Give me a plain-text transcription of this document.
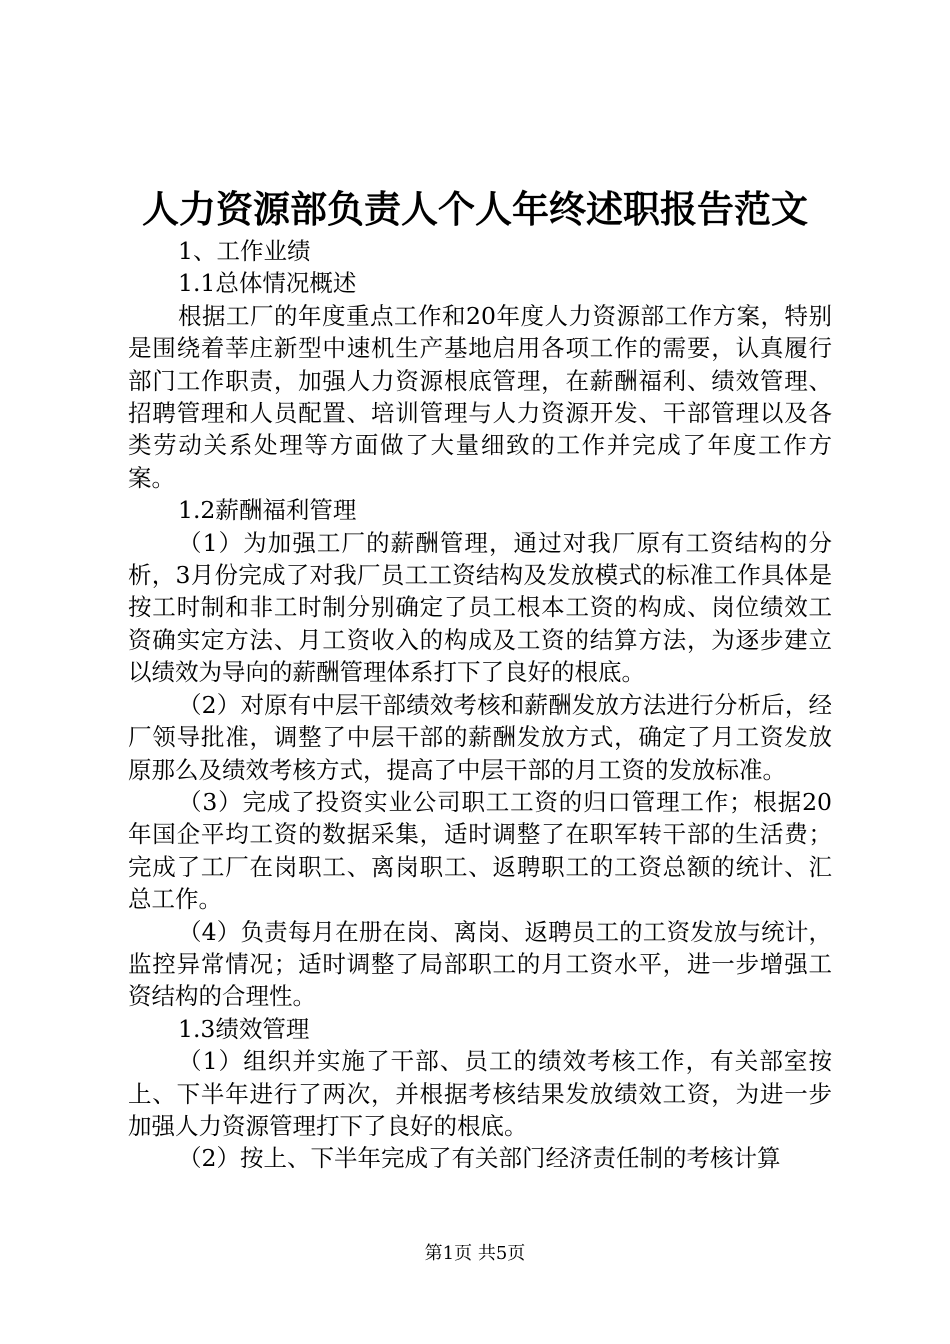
人力资源部负责人个人年终述职报告范文

1、工作业绩

1.1总体情况概述

根据工厂的年度重点工作和20年度人力资源部工作方案，特别是围绕着莘庄新型中速机生产基地启用各项工作的需要，认真履行部门工作职责，加强人力资源根底管理，在薪酬福利、绩效管理、招聘管理和人员配置、培训管理与人力资源开发、干部管理以及各类劳动关系处理等方面做了大量细致的工作并完成了年度工作方案。

1.2薪酬福利管理

（1）为加强工厂的薪酬管理，通过对我厂原有工资结构的分析，3月份完成了对我厂员工工资结构及发放模式的标准工作具体是按工时制和非工时制分别确定了员工根本工资的构成、岗位绩效工资确实定方法、月工资收入的构成及工资的结算方法，为逐步建立以绩效为导向的薪酬管理体系打下了良好的根底。

（2）对原有中层干部绩效考核和薪酬发放方法进行分析后，经厂领导批准，调整了中层干部的薪酬发放方式，确定了月工资发放原那么及绩效考核方式，提高了中层干部的月工资的发放标准。

（3）完成了投资实业公司职工工资的归口管理工作；根据20年国企平均工资的数据采集，适时调整了在职军转干部的生活费；完成了工厂在岗职工、离岗职工、返聘职工的工资总额的统计、汇总工作。

（4）负责每月在册在岗、离岗、返聘员工的工资发放与统计，监控异常情况；适时调整了局部职工的月工资水平，进一步增强工资结构的合理性。

1.3绩效管理

（1）组织并实施了干部、员工的绩效考核工作，有关部室按上、下半年进行了两次，并根据考核结果发放绩效工资，为进一步加强人力资源管理打下了良好的根底。

（2）按上、下半年完成了有关部门经济责任制的考核计算

第1页 共5页
